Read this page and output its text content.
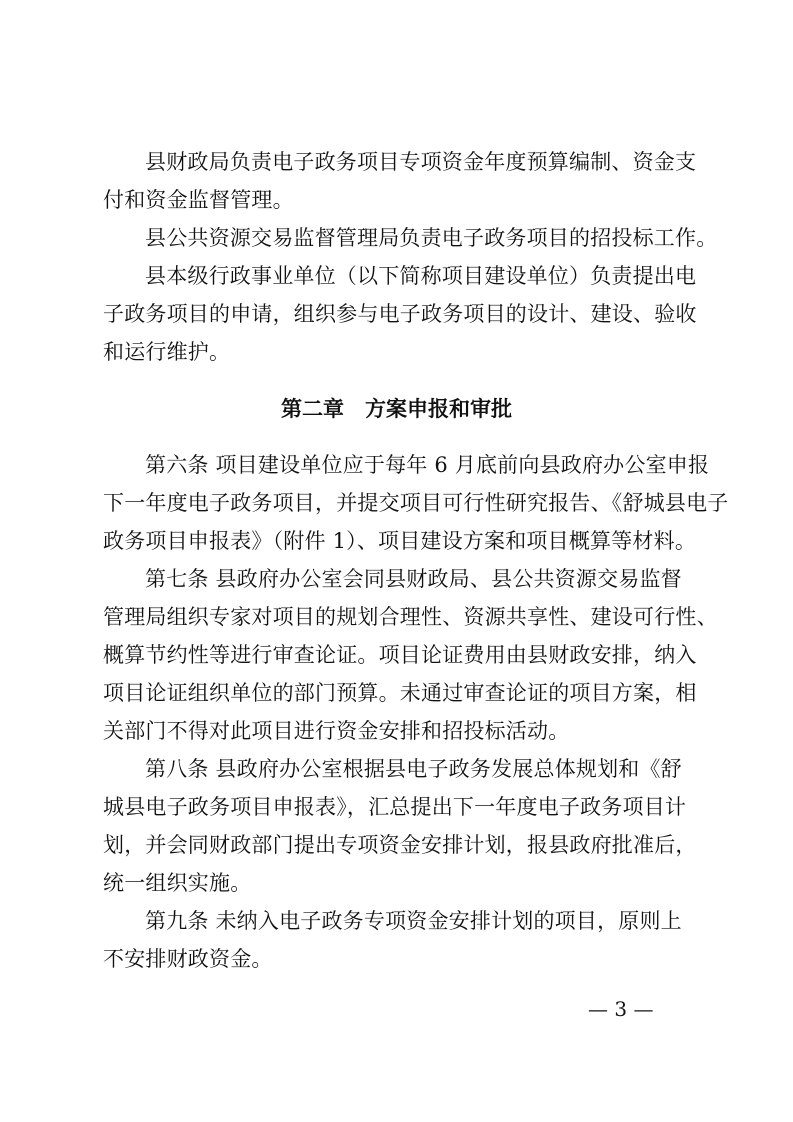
县财政局负责电子政务项目专项资金年度预算编制、资金支
付和资金监督管理。
县公共资源交易监督管理局负责电子政务项目的招投标工作。
县本级行政事业单位（以下简称项目建设单位）负责提出电
子政务项目的申请，组织参与电子政务项目的设计、建设、验收
和运行维护。
第二章　方案申报和审批
第六条 项目建设单位应于每年 6 月底前向县政府办公室申报
下一年度电子政务项目，并提交项目可行性研究报告、《舒城县电子
政务项目申报表》（附件 1）、项目建设方案和项目概算等材料。
第七条 县政府办公室会同县财政局、县公共资源交易监督
管理局组织专家对项目的规划合理性、资源共享性、建设可行性、
概算节约性等进行审查论证。项目论证费用由县财政安排，纳入
项目论证组织单位的部门预算。未通过审查论证的项目方案，相
关部门不得对此项目进行资金安排和招投标活动。
第八条 县政府办公室根据县电子政务发展总体规划和《舒
城县电子政务项目申报表》，汇总提出下一年度电子政务项目计
划，并会同财政部门提出专项资金安排计划，报县政府批准后，
统一组织实施。
第九条 未纳入电子政务专项资金安排计划的项目，原则上
不安排财政资金。
— 3 —
